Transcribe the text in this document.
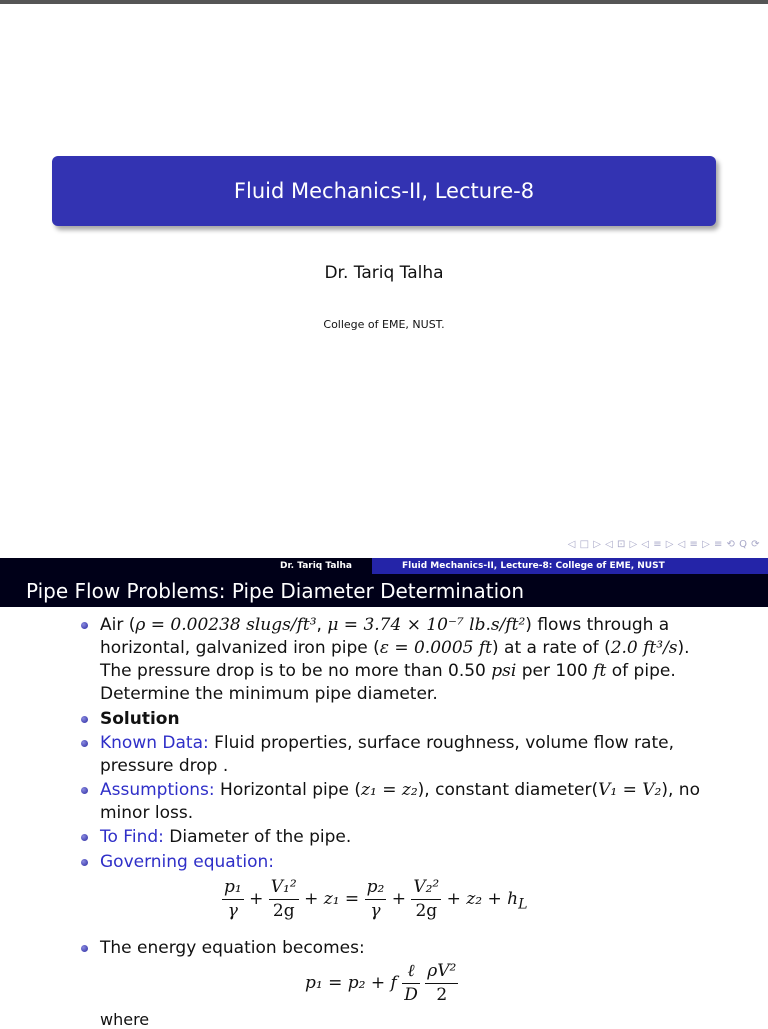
Fluid Mechanics-II, Lecture-8
Dr. Tariq Talha
College of EME, NUST.
◁ □ ▷ ◁ ⊡ ▷ ◁ ≡ ▷ ◁ ≡ ▷ ≡ ⟲ Q ⟳
Dr. Tariq Talha	Fluid Mechanics-II, Lecture-8: College of EME, NUST
Pipe Flow Problems: Pipe Diameter Determination
Air (ρ = 0.00238 slugs/ft³, μ = 3.74 × 10⁻⁷ lb.s/ft²) flows through a
horizontal, galvanized iron pipe (ε = 0.0005 ft) at a rate of (2.0 ft³/s).
The pressure drop is to be no more than 0.50 psi per 100 ft of pipe.
Determine the minimum pipe diameter.
Solution
Known Data: Fluid properties, surface roughness, volume flow rate,
pressure drop .
Assumptions: Horizontal pipe (z₁ = z₂), constant diameter(V₁ = V₂), no
minor loss.
To Find: Diameter of the pipe.
Governing equation:
$\frac{\text{p₁}}{\gamma} + \frac{\text{V₁²}}{2g} + z_1 = \frac{\text{p₂}}{\gamma} + \frac{\text{V₂²}}{2g} + z_2 + h_L$
The energy equation becomes:
p₁ = p₂ + f $\frac{\text{ℓ}}{D}$
$\frac{\text{ρV²}}{2}$
where
